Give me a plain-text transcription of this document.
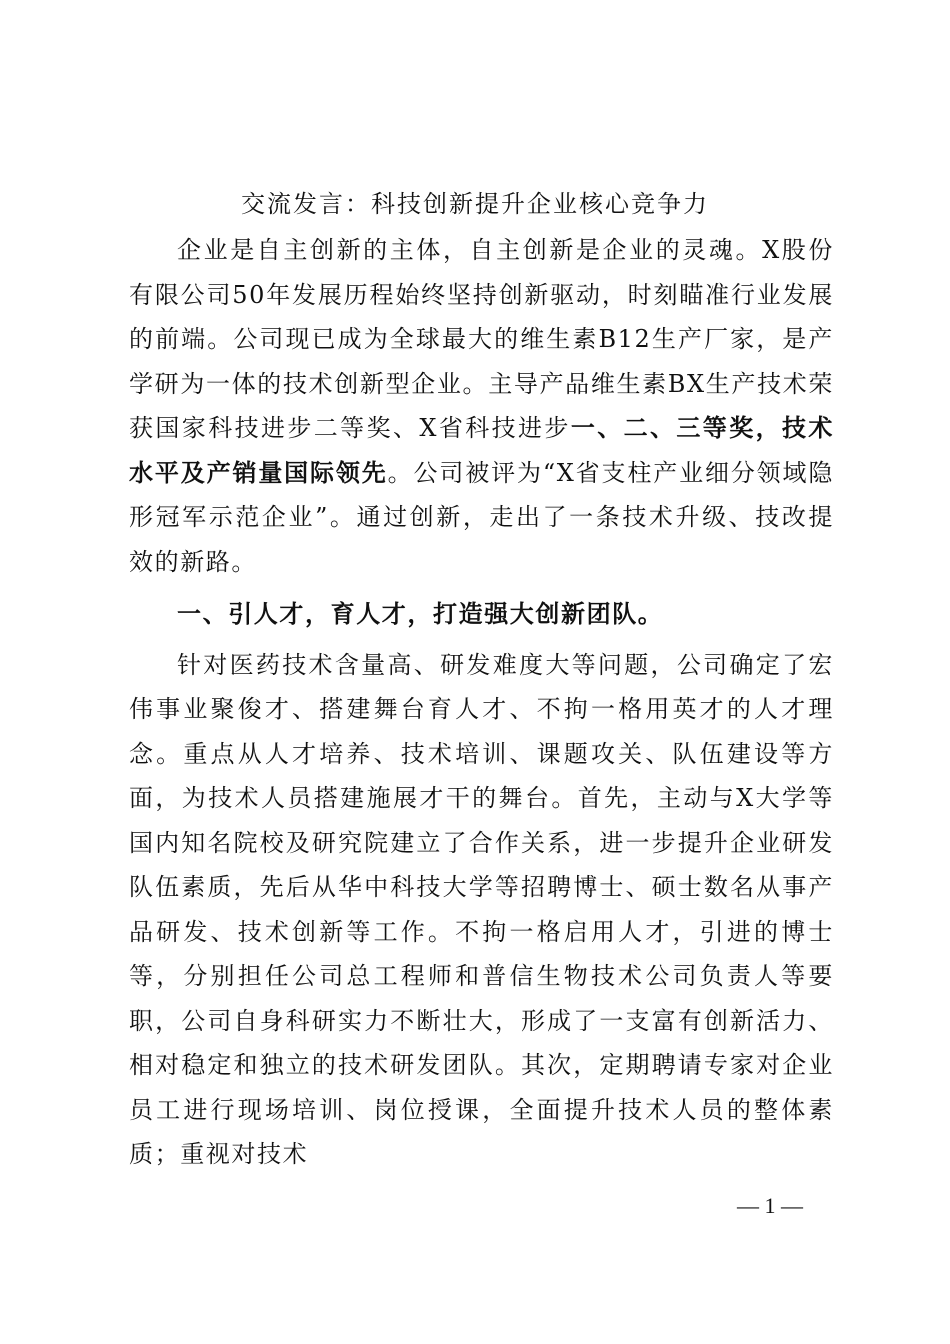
交流发言：科技创新提升企业核心竞争力

企业是自主创新的主体，自主创新是企业的灵魂。X股份有限公司50年发展历程始终坚持创新驱动，时刻瞄准行业发展的前端。公司现已成为全球最大的维生素B12生产厂家，是产学研为一体的技术创新型企业。主导产品维生素BX生产技术荣获国家科技进步二等奖、X省科技进步一、二、三等奖，技术水平及产销量国际领先。公司被评为“X省支柱产业细分领域隐形冠军示范企业”。通过创新，走出了一条技术升级、技改提效的新路。

一、引人才，育人才，打造强大创新团队。

针对医药技术含量高、研发难度大等问题，公司确定了宏伟事业聚俊才、搭建舞台育人才、不拘一格用英才的人才理念。重点从人才培养、技术培训、课题攻关、队伍建设等方面，为技术人员搭建施展才干的舞台。首先，主动与X大学等国内知名院校及研究院建立了合作关系，进一步提升企业研发队伍素质，先后从华中科技大学等招聘博士、硕士数名从事产品研发、技术创新等工作。不拘一格启用人才，引进的博士等，分别担任公司总工程师和普信生物技术公司负责人等要职，公司自身科研实力不断壮大，形成了一支富有创新活力、相对稳定和独立的技术研发团队。其次，定期聘请专家对企业员工进行现场培训、岗位授课，全面提升技术人员的整体素质；重视对技术

— 1 —
